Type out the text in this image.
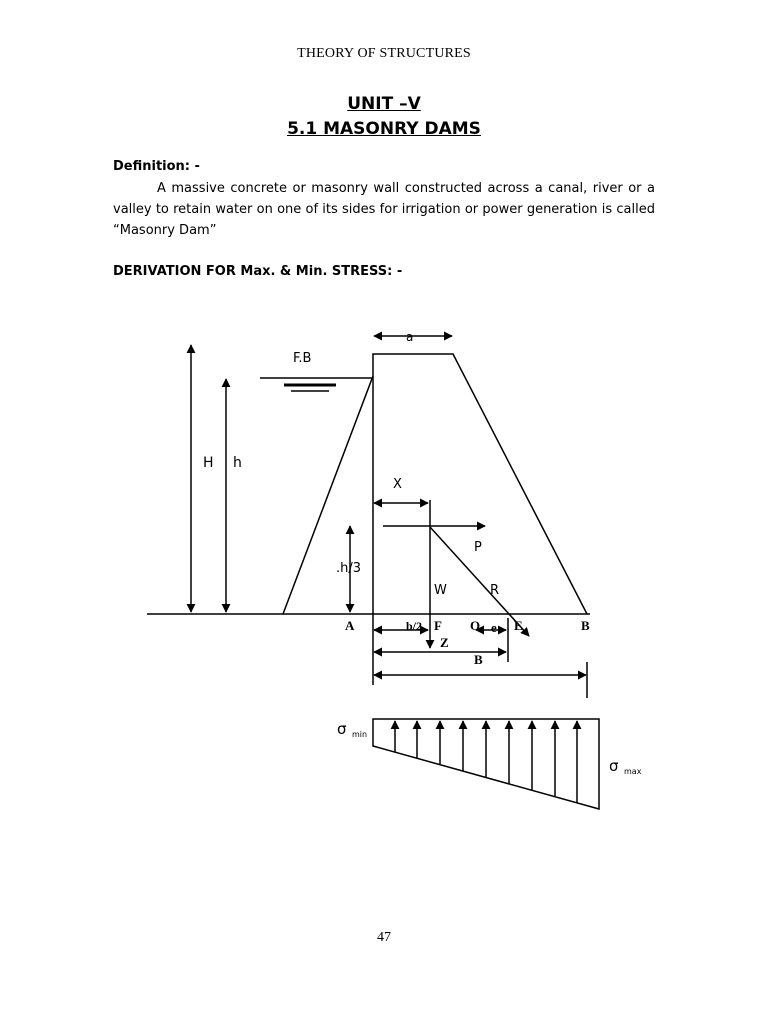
THEORY OF STRUCTURES
UNIT –V
5.1 MASONRY DAMS
Definition: -

A massive concrete or masonry wall constructed across a canal, river or a valley to retain water on one of its sides for irrigation or power generation is called “Masonry Dam”

DERIVATION FOR Max. & Min. STRESS: -
a
F.B
H h
X
P
.h/3
W	R
A	b/2 F O e E	B
Z
B
σ min
σ max
47
